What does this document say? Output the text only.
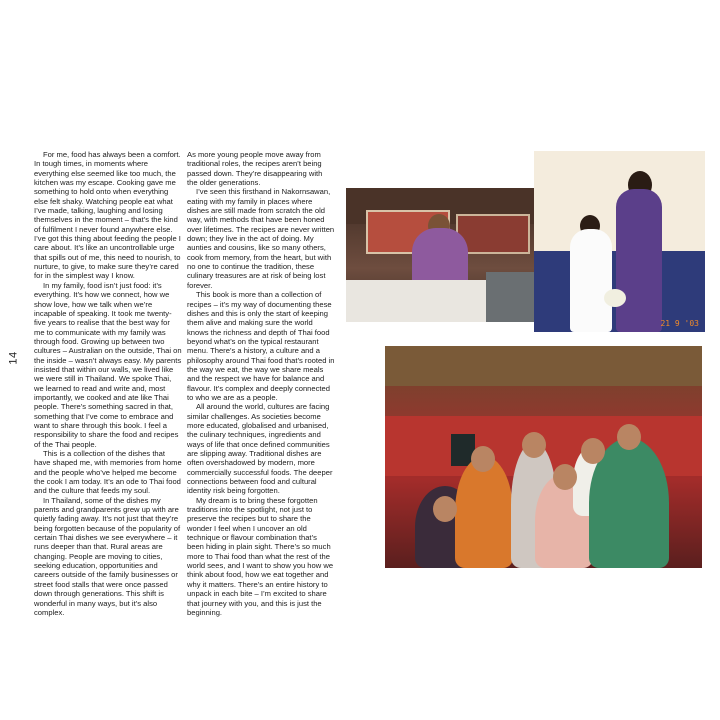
14

For me, food has always been a comfort. In tough times, in moments where everything else seemed like too much, the kitchen was my escape. Cooking gave me something to hold onto when everything else felt shaky. Watching people eat what I’ve made, talking, laughing and losing themselves in the moment – that’s the kind of fulfilment I never found anywhere else. I’ve got this thing about feeding the people I care about. It’s like an uncontrollable urge that spills out of me, this need to nourish, to nurture, to give, to make sure they’re cared for in the simplest way I know.

In my family, food isn’t just food: it’s everything. It’s how we connect, how we show love, how we talk when we’re incapable of speaking. It took me twenty-five years to realise that the best way for me to communicate with my family was through food. Growing up between two cultures – Australian on the outside, Thai on the inside – wasn’t always easy. My parents insisted that within our walls, we lived like we were still in Thailand. We spoke Thai, we learned to read and write and, most importantly, we cooked and ate like Thai people. There’s something sacred in that, something that I’ve come to embrace and want to share through this book. I feel a responsibility to share the food and recipes of the Thai people.

This is a collection of the dishes that have shaped me, with memories from home and the people who’ve helped me become the cook I am today. It’s an ode to Thai food and the culture that feeds my soul.

In Thailand, some of the dishes my parents and grandparents grew up with are quietly fading away. It’s not just that they’re being forgotten because of the popularity of certain Thai dishes we see everywhere – it runs deeper than that. Rural areas are changing. People are moving to cities, seeking education, opportunities and careers outside of the family businesses or street food stalls that were once passed down through generations. This shift is wonderful in many ways, but it’s also complex.

As more young people move away from traditional roles, the recipes aren’t being passed down. They’re disappearing with the older generations.

I’ve seen this firsthand in Nakornsawan, eating with my family in places where dishes are still made from scratch the old way, with methods that have been honed over lifetimes. The recipes are never written down; they live in the act of doing. My aunties and cousins, like so many others, cook from memory, from the heart, but with no one to continue the tradition, these culinary treasures are at risk of being lost forever.

This book is more than a collection of recipes – it’s my way of documenting these dishes and this is only the start of keeping them alive and making sure the world knows the richness and depth of Thai food beyond what’s on the typical restaurant menu. There’s a history, a culture and a philosophy around Thai food that’s rooted in the way we eat, the way we share meals and the respect we have for balance and flavour. It’s complex and deeply connected to who we are as a people.

All around the world, cultures are facing similar challenges. As societies become more educated, globalised and urbanised, the culinary techniques, ingredients and ways of life that once defined communities are slipping away. Traditional dishes are often overshadowed by modern, more commercially successful foods. The deeper connections between food and cultural identity risk being forgotten.

My dream is to bring these forgotten traditions into the spotlight, not just to preserve the recipes but to share the wonder I feel when I uncover an old technique or flavour combination that’s been hiding in plain sight. There’s so much more to Thai food than what the rest of the world sees, and I want to show you how we think about food, how we eat together and why it matters. There’s an entire history to unpack in each bite – I’m excited to share that journey with you, and this is just the beginning.

21 9 '03
